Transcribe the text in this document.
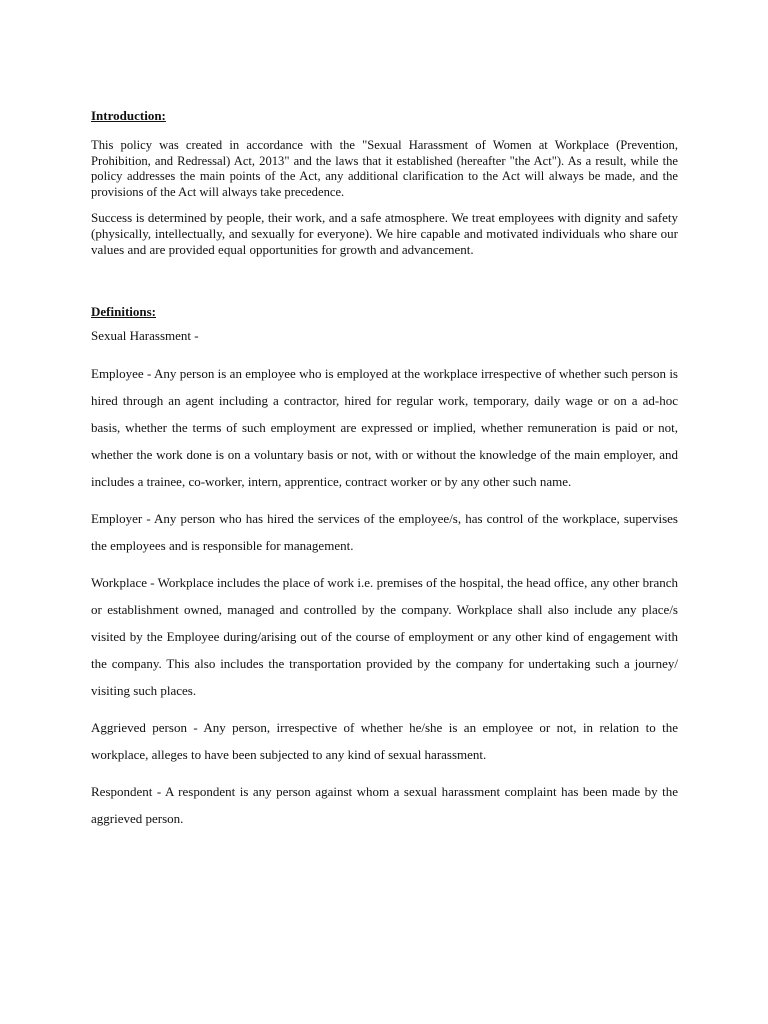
Introduction:

This policy was created in accordance with the "Sexual Harassment of Women at Workplace (Prevention, Prohibition, and Redressal) Act, 2013" and the laws that it established (hereafter "the Act"). As a result, while the policy addresses the main points of the Act, any additional clarification to the Act will always be made, and the provisions of the Act will always take precedence.

Success is determined by people, their work, and a safe atmosphere. We treat employees with dignity and safety (physically, intellectually, and sexually for everyone). We hire capable and motivated individuals who share our values and are provided equal opportunities for growth and advancement.

Definitions:

Sexual Harassment -

Employee - Any person is an employee who is employed at the workplace irrespective of whether such person is hired through an agent including a contractor, hired for regular work, temporary, daily wage or on a ad-hoc basis, whether the terms of such employment are expressed or implied, whether remuneration is paid or not, whether the work done is on a voluntary basis or not, with or without the knowledge of the main employer, and includes a trainee, co-worker, intern, apprentice, contract worker or by any other such name.

Employer - Any person who has hired the services of the employee/s, has control of the workplace, supervises the employees and is responsible for management.

Workplace - Workplace includes the place of work i.e. premises of the hospital, the head office, any other branch or establishment owned, managed and controlled by the company. Workplace shall also include any place/s visited by the Employee during/arising out of the course of employment or any other kind of engagement with the company. This also includes the transportation provided by the company for undertaking such a journey/ visiting such places.

Aggrieved person - Any person, irrespective of whether he/she is an employee or not, in relation to the workplace, alleges to have been subjected to any kind of sexual harassment.

Respondent - A respondent is any person against whom a sexual harassment complaint has been made by the aggrieved person.
